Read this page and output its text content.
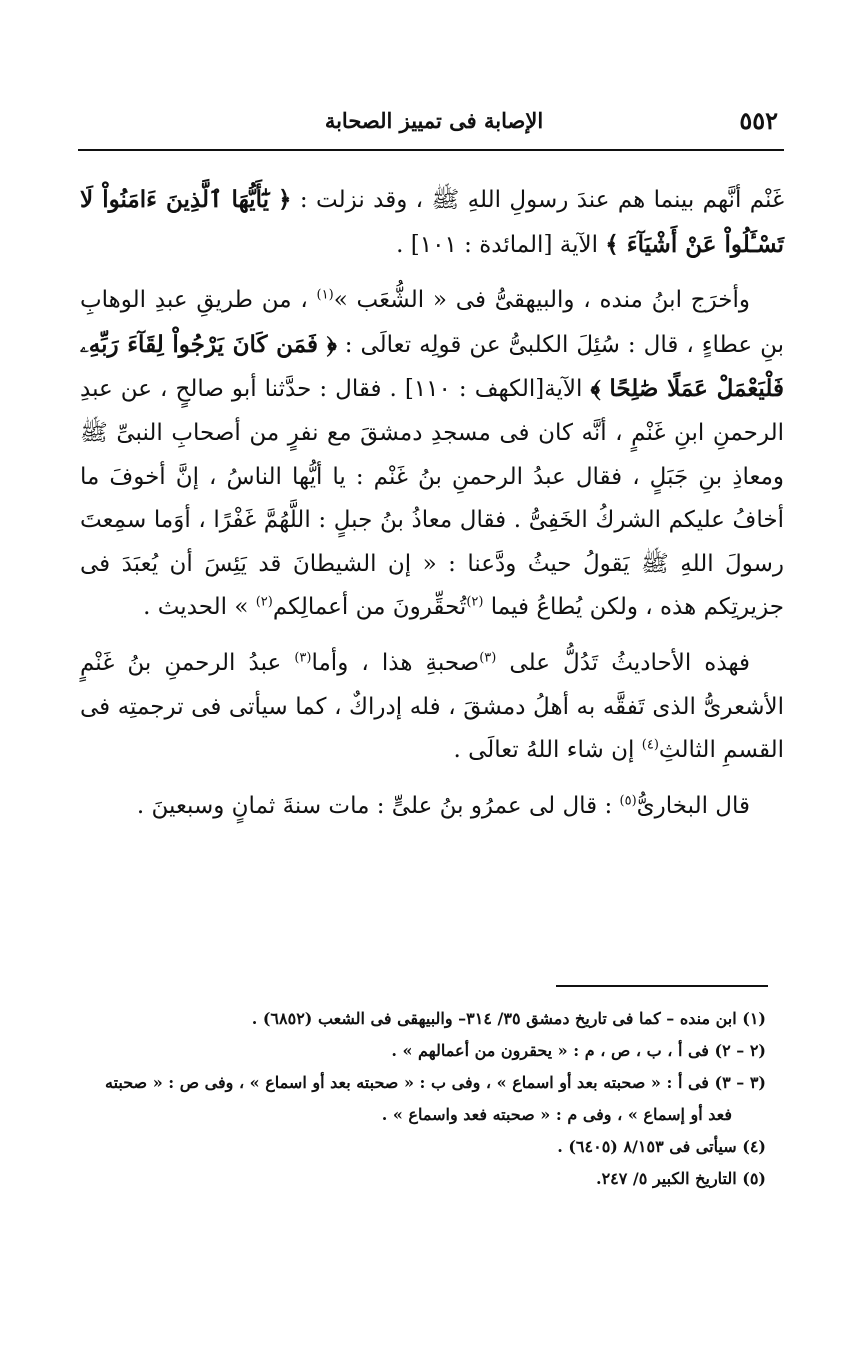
٥٥٢
الإصابة فى تمييز الصحابة

غَنْم أنَّهم بينما هم عندَ رسولِ اللهِ ﷺ ، وقد نزلت : ﴿ يَٰٓأَيُّهَا ٱلَّذِينَ ءَامَنُواْ لَا تَسْـَٔلُواْ عَنْ أَشْيَآءَ ﴾ الآية [المائدة : ١٠١] .

وأخرَج ابنُ منده ، والبيهقىُّ فى « الشُّعَب »$^{(١)}$ ، من طريقِ عبدِ الوهابِ بنِ عطاءٍ ، قال : سُئِلَ الكلبىُّ عن قولِه تعالَى : ﴿ فَمَن كَانَ يَرْجُواْ لِقَآءَ رَبِّهِۦ فَلْيَعْمَلْ عَمَلًا صَٰلِحًا ﴾ الآية[الكهف : ١١٠] . فقال : حدَّثنا أبو صالحٍ ، عن عبدِ الرحمنِ ابنِ غَنْمٍ ، أنَّه كان فى مسجدِ دمشقَ مع نفرٍ من أصحابِ النبىِّ ﷺ ومعاذِ بنِ جَبَلٍ ، فقال عبدُ الرحمنِ بنُ غَنْم : يا أيُّها الناسُ ، إنَّ أخوفَ ما أخافُ عليكم الشركُ الخَفِىُّ . فقال معاذُ بنُ جبلٍ : اللَّهُمَّ غَفْرًا ، أوَما سمِعتَ رسولَ اللهِ ﷺ يَقولُ حيثُ ودَّعنا : « إن الشيطانَ قد يَئِسَ أن يُعبَدَ فى جزيرتِكم هذه ، ولكن يُطاعُ فيما $^{(٢)}$تُحقِّرونَ من أعمالِكم$^{(٢)}$ » الحديث .

فهذه الأحاديثُ تَدُلُّ على $^{(٣)}$صحبةِ هذا ، وأما$^{(٣)}$ عبدُ الرحمنِ بنُ غَنْمٍ الأشعرىُّ الذى تَفقَّه به أهلُ دمشقَ ، فله إدراكٌ ، كما سيأتى فى ترجمتِه فى القسمِ الثالثِ$^{(٤)}$ إن شاء اللهُ تعالَى .

قال البخارىُّ$^{(٥)}$ : قال لى عمرُو بنُ علىٍّ : مات سنةَ ثمانٍ وسبعينَ .

(١) ابن منده – كما فى تاريخ دمشق ٣٥/ ٣١٤– والبيهقى فى الشعب (٦٨٥٢) .

(٢ – ٢) فى أ ، ب ، ص ، م : « يحقرون من أعمالهم » .

(٣ – ٣) فى أ : « صحبته بعد أو اسماع » ، وفى ب : « صحبته بعد أو اسماع » ، وفى ص : « صحبته

فعد أو إسماع » ، وفى م : « صحبته فعد واسماع » .

(٤) سيأتى فى ٨/١٥٣ (٦٤٠٥) .

(٥) التاريخ الكبير ٥/ ٢٤٧.
